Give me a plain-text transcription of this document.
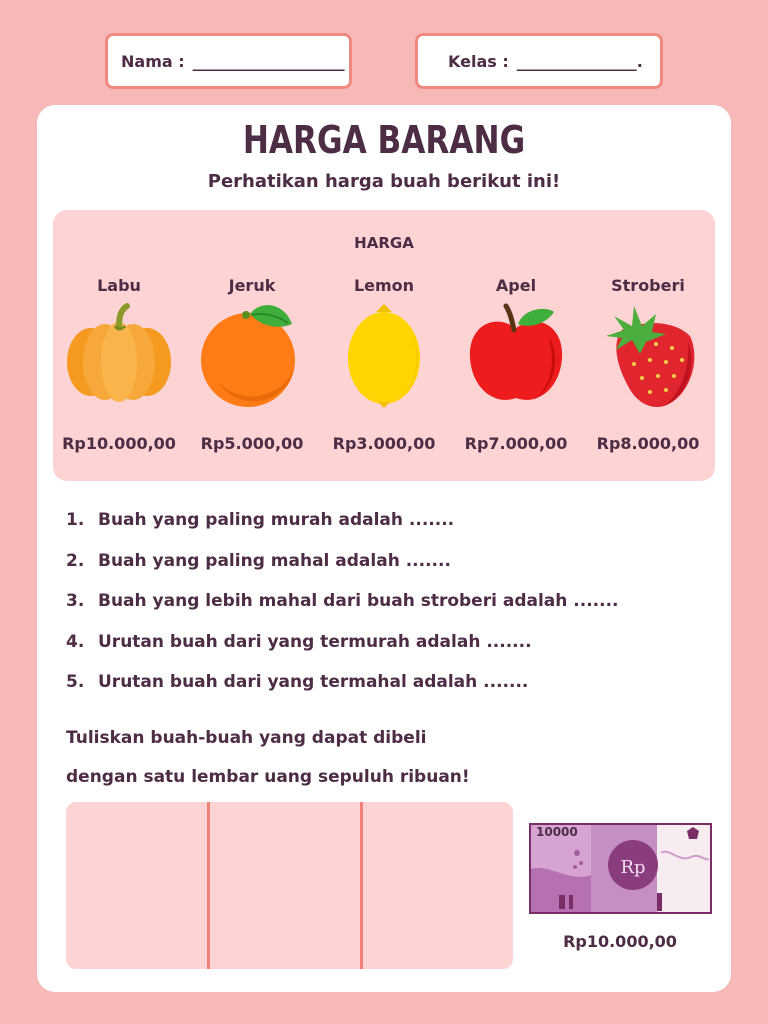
Nama : ___________________	Kelas : _______________.
HARGA BARANG
Perhatikan harga buah berikut ini!
HARGA
Labu
Rp10.000,00
Jeruk
Rp5.000,00
Lemon
Rp3.000,00
Apel
Rp7.000,00
Stroberi
Rp8.000,00
1. Buah yang paling murah adalah .......
2. Buah yang paling mahal adalah .......
3. Buah yang lebih mahal dari buah stroberi adalah .......
4. Urutan buah dari yang termurah adalah .......
5. Urutan buah dari yang termahal adalah .......
Tuliskan buah-buah yang dapat dibeli
dengan satu lembar uang sepuluh ribuan!
Rp
10000
Rp10.000,00
